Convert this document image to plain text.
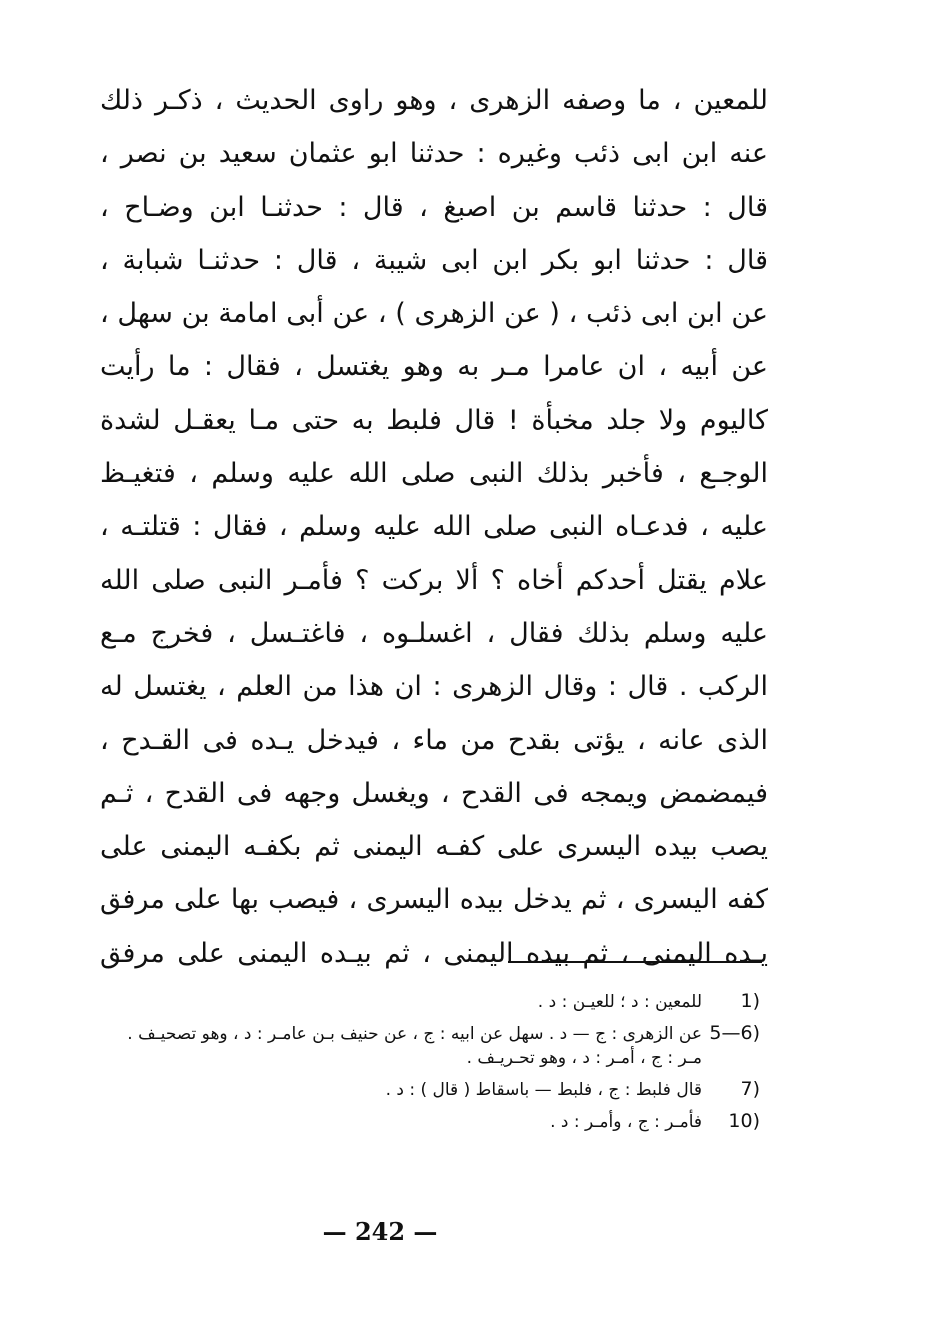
للمعين ، ما وصفه الزهرى ، وهو راوى الحديث ، ذكـر ذلك
عنه ابن ابى ذئب وغيره : حدثنا ابو عثمان سعيد بن نصر ،
قال : حدثنا قاسم بن اصبغ ، قال : حدثنـا ابن وضـاح ،
قال : حدثنا ابو بكر ابن ابى شيبة ، قال : حدثنـا شبابة ،
عن ابن ابى ذئب ، ( عن الزهرى ) ، عن أبى امامة بن سهل ،
عن أبيه ، ان عامرا مـر به وهو يغتسل ، فقال : ما رأيت
كاليوم ولا جلد مخبأة ! قال فلبط به حتى مـا يعقـل لشدة
الوجـع ، فأخبر بذلك النبى صلى الله عليه وسلم ، فتغيـظ
عليه ، فدعـاه النبى صلى الله عليه وسلم ، فقال : قتلتـه ،
علام يقتل أحدكم أخاه ؟ ألا بركت ؟ فأمـر النبى صلى الله
عليه وسلم بذلك فقال ، اغسلـوه ، فاغتـسل ، فخرج مـع
الركب . قال : وقال الزهرى : ان هذا من العلم ، يغتسل له
الذى عانه ، يؤتى بقدح من ماء ، فيدخل يـده فى القـدح ،
فيمضمض ويمجه فى القدح ، ويغسل وجهه فى القدح ، ثـم
يصب بيده اليسرى على كفـه اليمنى ثم بكفـه اليمنى على
كفه اليسرى ، ثم يدخل بيده اليسرى ، فيصب بها على مرفق
يـده اليمنى ، ثم بيده اليمنى ، ثم بيـده اليمنى على مرفق
1)
للمعين : د ؛ للعيـن : د .
5—6)
عن الزهرى : ج — د . سهل عن ابيه : ج ، عن حنيف بـن عامـر : د ، وهو تصحيـف . مـر : ج ، أمـر : د ، وهو تحـريـف .
7)
قال فلبط : ج ، فلبط — باسقاط ( قال ) : د .
10)
فأمـر : ج ، وأمـر : د .
— 242 —
